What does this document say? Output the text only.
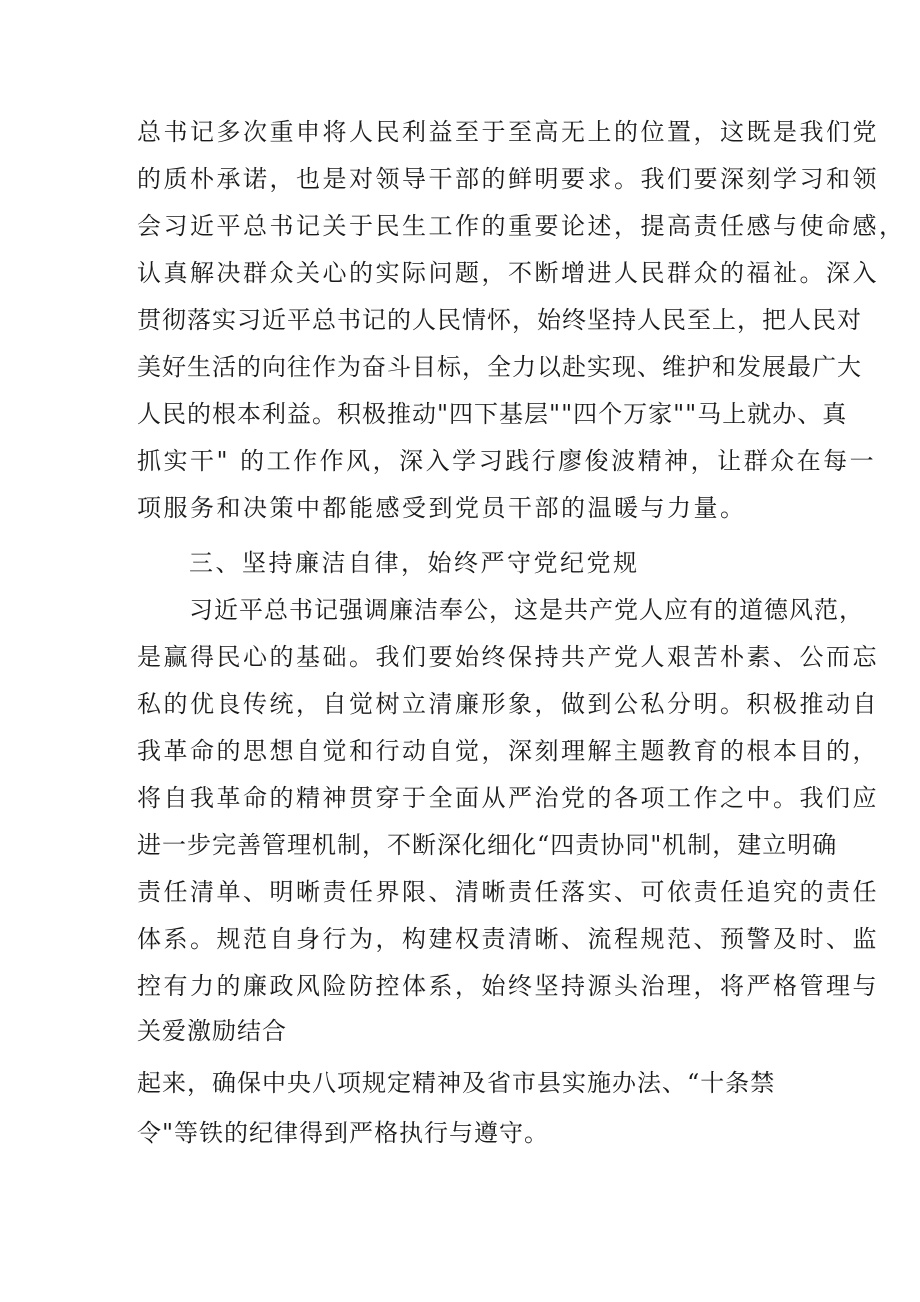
总书记多次重申将人民利益至于至高无上的位置，这既是我们党
的质朴承诺，也是对领导干部的鲜明要求。我们要深刻学习和领
会习近平总书记关于民生工作的重要论述，提高责任感与使命感，
认真解决群众关心的实际问题，不断增进人民群众的福祉。深入
贯彻落实习近平总书记的人民情怀，始终坚持人民至上，把人民对
美好生活的向往作为奋斗目标，全力以赴实现、维护和发展最广大
人民的根本利益。积极推动"四下基层""四个万家""马上就办、真
抓实干" 的工作作风，深入学习践行廖俊波精神，让群众在每一
项服务和决策中都能感受到党员干部的温暖与力量。
三、坚持廉洁自律，始终严守党纪党规
习近平总书记强调廉洁奉公，这是共产党人应有的道德风范，
是赢得民心的基础。我们要始终保持共产党人艰苦朴素、公而忘
私的优良传统，自觉树立清廉形象，做到公私分明。积极推动自
我革命的思想自觉和行动自觉，深刻理解主题教育的根本目的，
将自我革命的精神贯穿于全面从严治党的各项工作之中。我们应
进一步完善管理机制，不断深化细化“四责协同"机制，建立明确
责任清单、明晰责任界限、清晰责任落实、可依责任追究的责任
体系。规范自身行为，构建权责清晰、流程规范、预警及时、监
控有力的廉政风险防控体系，始终坚持源头治理，将严格管理与
关爱激励结合
起来，确保中央八项规定精神及省市县实施办法、“十条禁
令"等铁的纪律得到严格执行与遵守。
